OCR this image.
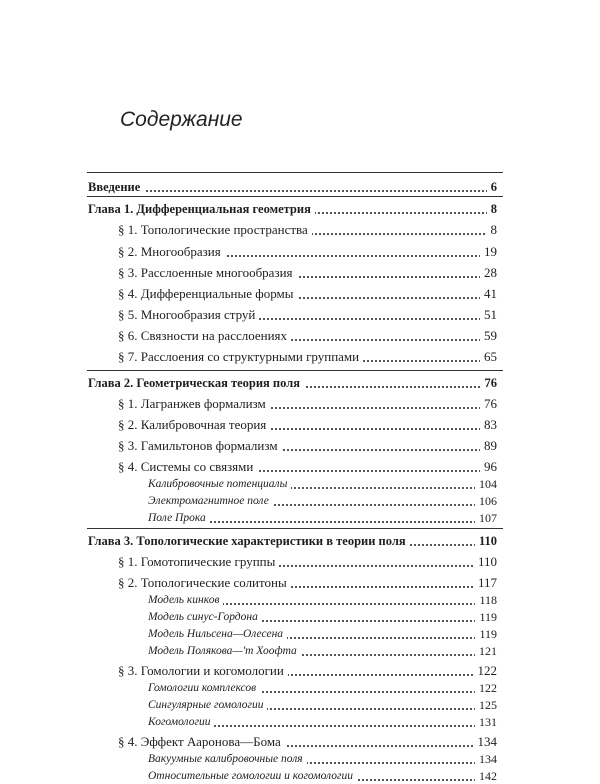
Содержание
Введение	6
Глава 1. Дифференциальная геометрия	8
§ 1. Топологические пространства	8
§ 2. Многообразия	19
§ 3. Расслоенные многообразия	28
§ 4. Дифференциальные формы	41
§ 5. Многообразия струй	51
§ 6. Связности на расслоениях	59
§ 7. Расслоения со структурными группами	65
Глава 2. Геометрическая теория поля	76
§ 1. Лагранжев формализм	76
§ 2. Калибровочная теория	83
§ 3. Гамильтонов формализм	89
§ 4. Системы со связями	96
Калибровочные потенциалы	104
Электромагнитное поле	106
Поле Прока	107
Глава 3. Топологические характеристики в теории поля	110
§ 1. Гомотопические группы	110
§ 2. Топологические солитоны	117
Модель кинков	118
Модель синус-Гордона	119
Модель Нильсена—Олесена	119
Модель Полякова—'т Хоофта	121
§ 3. Гомологии и когомологии	122
Гомологии комплексов	122
Сингулярные гомологии	125
Когомологии	131
§ 4. Эффект Ааронова—Бома	134
Вакуумные калибровочные поля	134
Относительные гомологии и когомологии	142
